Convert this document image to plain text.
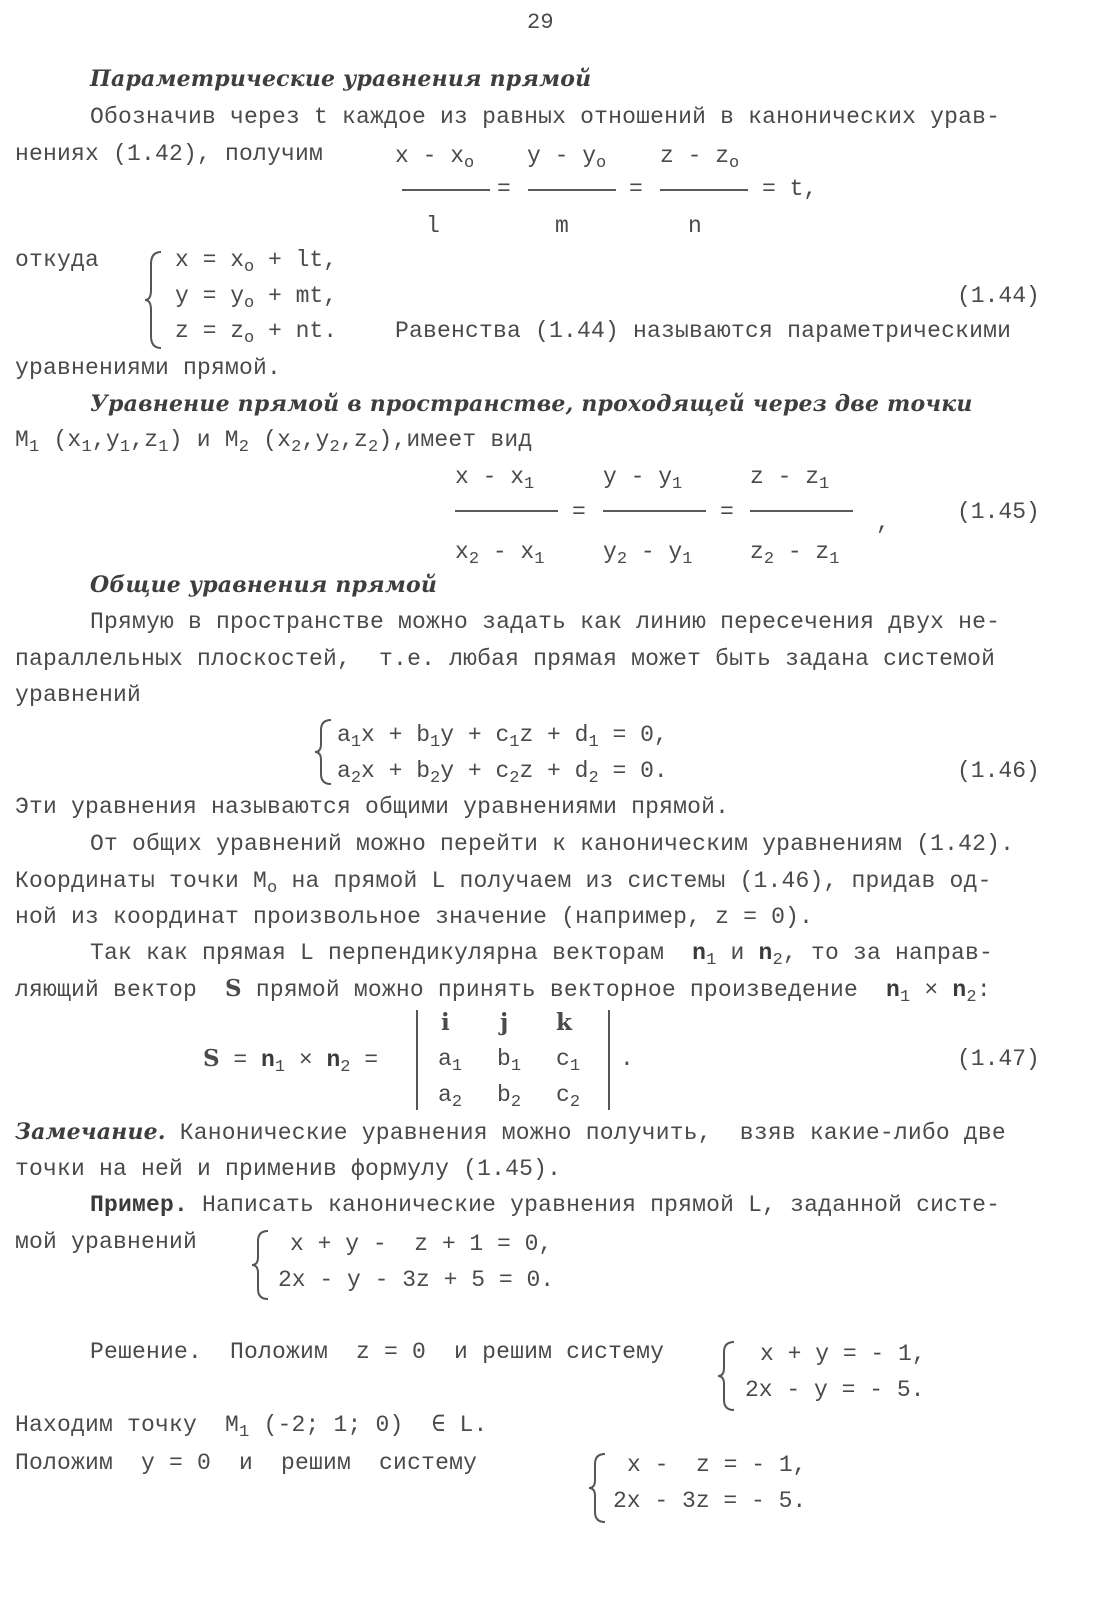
29
Параметрические уравнения прямой
Обозначив через t каждое из равных отношений в канонических урав-
нениях (1.42), получим	x - $x_o$ y - $y_o$ z - $z_o$
=	=	= t,
l	m	n
откуда	$x = x_o$ + lt,
$y = y_o$ + mt,
$z = z_o$ + nt.
(1.44)
Равенства (1.44) называются параметрическими
уравнениями прямой.
Уравнение прямой в пространстве, проходящей через две точки
$M_1$ $(x_1,y_1,z_1)$ и $M_2$ $(x_2,y_2,z_2),имеет$ вид
x - $x_1$	y - $y_1$	z - $z_1$
=	=	,
$x_2 - x_1$	$y_2 - y_1$	$z_2 - z_1$
(1.45)
Общие уравнения прямой
Прямую в пространстве можно задать как линию пересечения двух не-
параллельных плоскостей,  т.е. любая прямая может быть задана системой
уравнений
$a_1x + b_1y + c_1z + d_1 = 0$,
$a_2x + b_2y + c_2z + d_2 = 0$.	(1.46)
Эти уравнения называются общими уравнениями прямой.
От общих уравнений можно перейти к каноническим уравнениям (1.42).
Координаты точки $M_o$ на прямой L получаем из системы (1.46), придав од-
ной из координат произвольное значение (например, z = 0).
Так как прямая L перпендикулярна векторам  $n_1$ и $n_2$, то за направ-
ляющий вектор  S прямой можно принять векторное произведение  $n_1 \times n_2$:
$S = n_1 \times n_2$ =
i j k
$a_1$ $b_1$ $c_1$
$a_2$ $b_2$ $c_2$
.	(1.47)
Замечание. Канонические уравнения можно получить,  взяв какие-либо две
точки на ней и применив формулу (1.45).
Пример. Написать канонические уравнения прямой L, заданной систе-
мой уравнений	x + y -  z + 1 = 0,
2x - y - 3z + 5 = 0.
Решение.  Положим  z = 0  и решим систему	x + y = - 1,
2x - y = - 5.
Находим точку  $M_1$ (-2; 1; 0)  ∈ L.
Положим  y = 0  и  решим  систему	x -  z = - 1,
2x - 3z = - 5.
